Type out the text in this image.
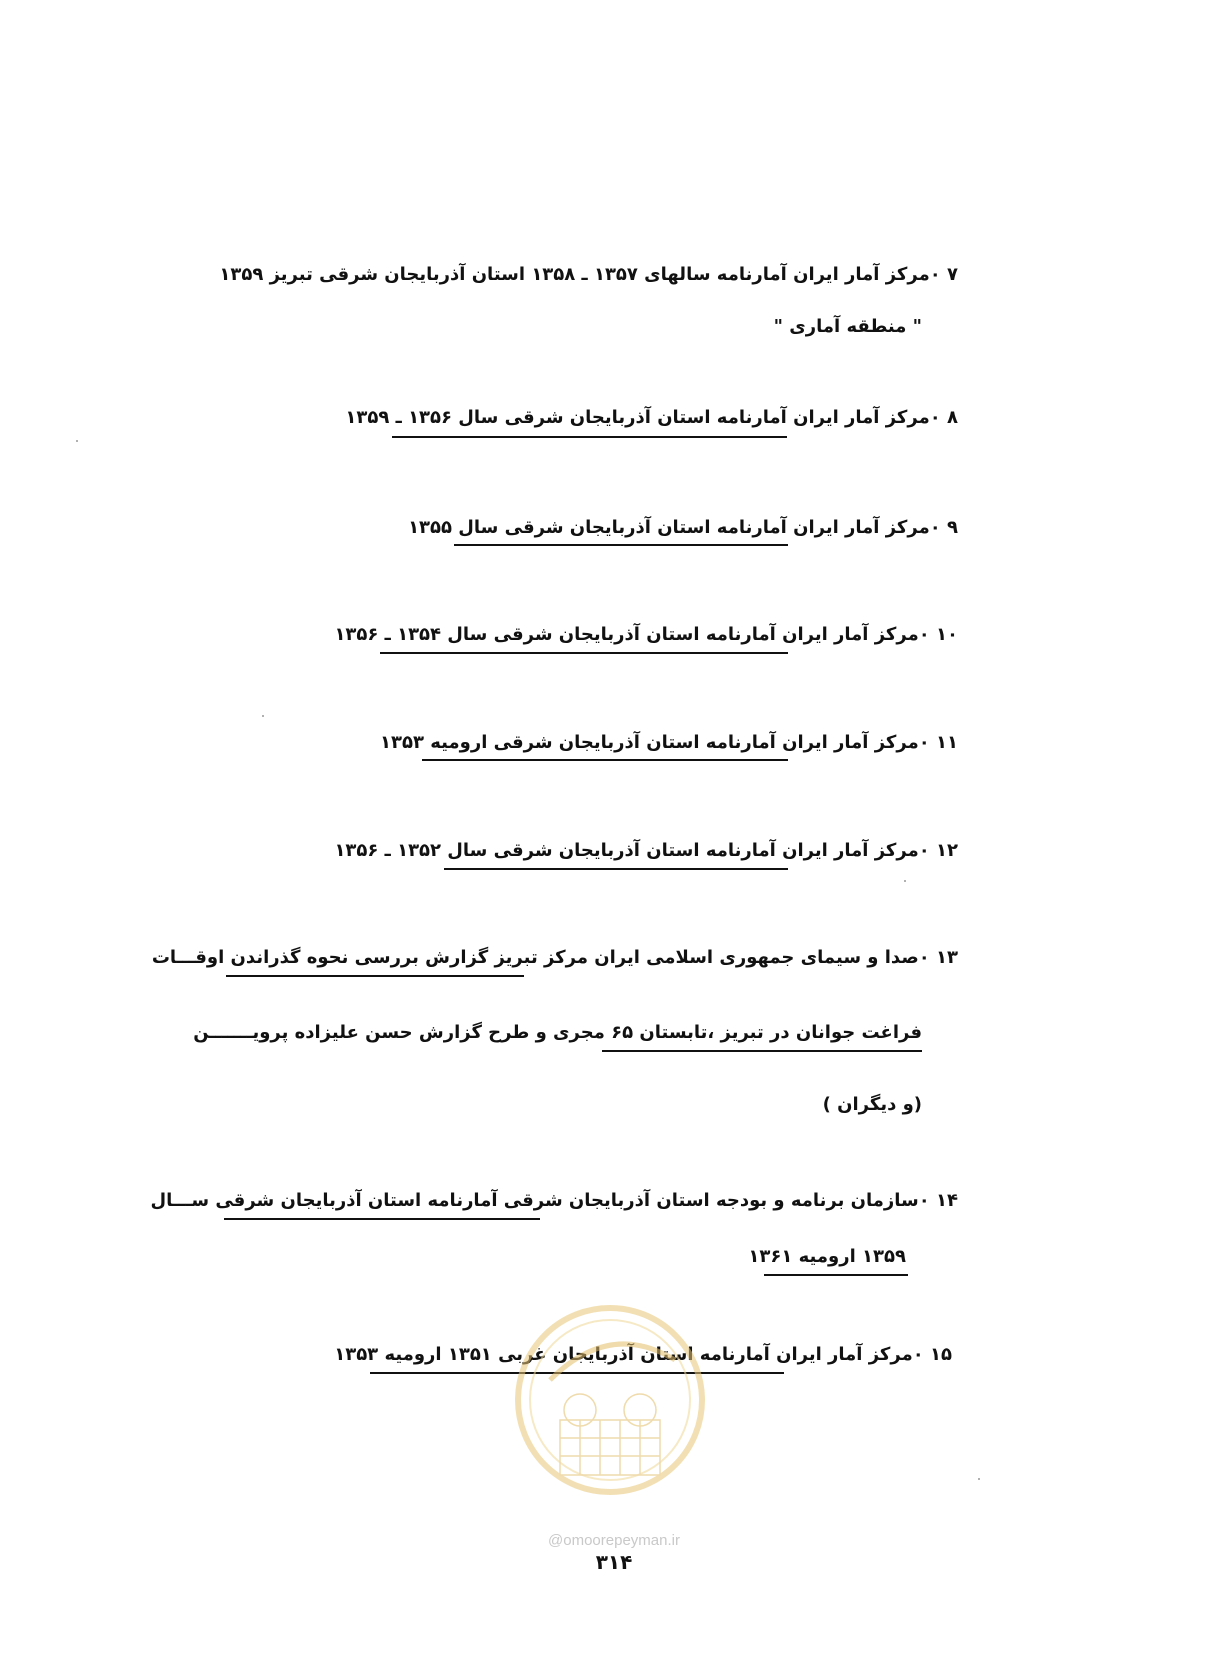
۷ ۰مرکز آمار ایران آمارنامه سالهای ۱۳۵۷ ـ ۱۳۵۸ استان آذربایجان شرقی تبریز ۱۳۵۹
" منطقه آماری "
۸ ۰مرکز آمار ایران آمارنامه استان آذربایجان شرقی سال ۱۳۵۶ ـ ۱۳۵۹
۹ ۰مرکز آمار ایران آمارنامه استان آذربایجان شرقی سال ۱۳۵۵
۱۰ ۰مرکز آمار ایران آمارنامه استان آذربایجان شرقی سال ۱۳۵۴ ـ ۱۳۵۶
۱۱ ۰مرکز آمار ایران آمارنامه استان آذربایجان شرقی ارومیه ۱۳۵۳
۱۲ ۰مرکز آمار ایران آمارنامه استان آذربایجان شرقی سال ۱۳۵۲ ـ ۱۳۵۶
۱۳ ۰صدا و سیمای جمهوری اسلامی ایران مرکز تبریز گزارش بررسی نحوه گذراندن اوقـــات
فراغت جوانان در تبریز ،تابستان ۶۵ مجری و طرح گزارش حسن علیزاده پرویـــــــن
(و دیگران )
۱۴ ۰سازمان برنامه و بودجه استان آذربایجان شرقی آمارنامه استان آذربایجان شرقی ســـال
۱۳۵۹ ارومیه ۱۳۶۱
۱۵ ۰مرکز آمار ایران آمارنامه استان آذربایجان غربی ۱۳۵۱ ارومیه ۱۳۵۳
@omoorepeyman.ir
۳۱۴
